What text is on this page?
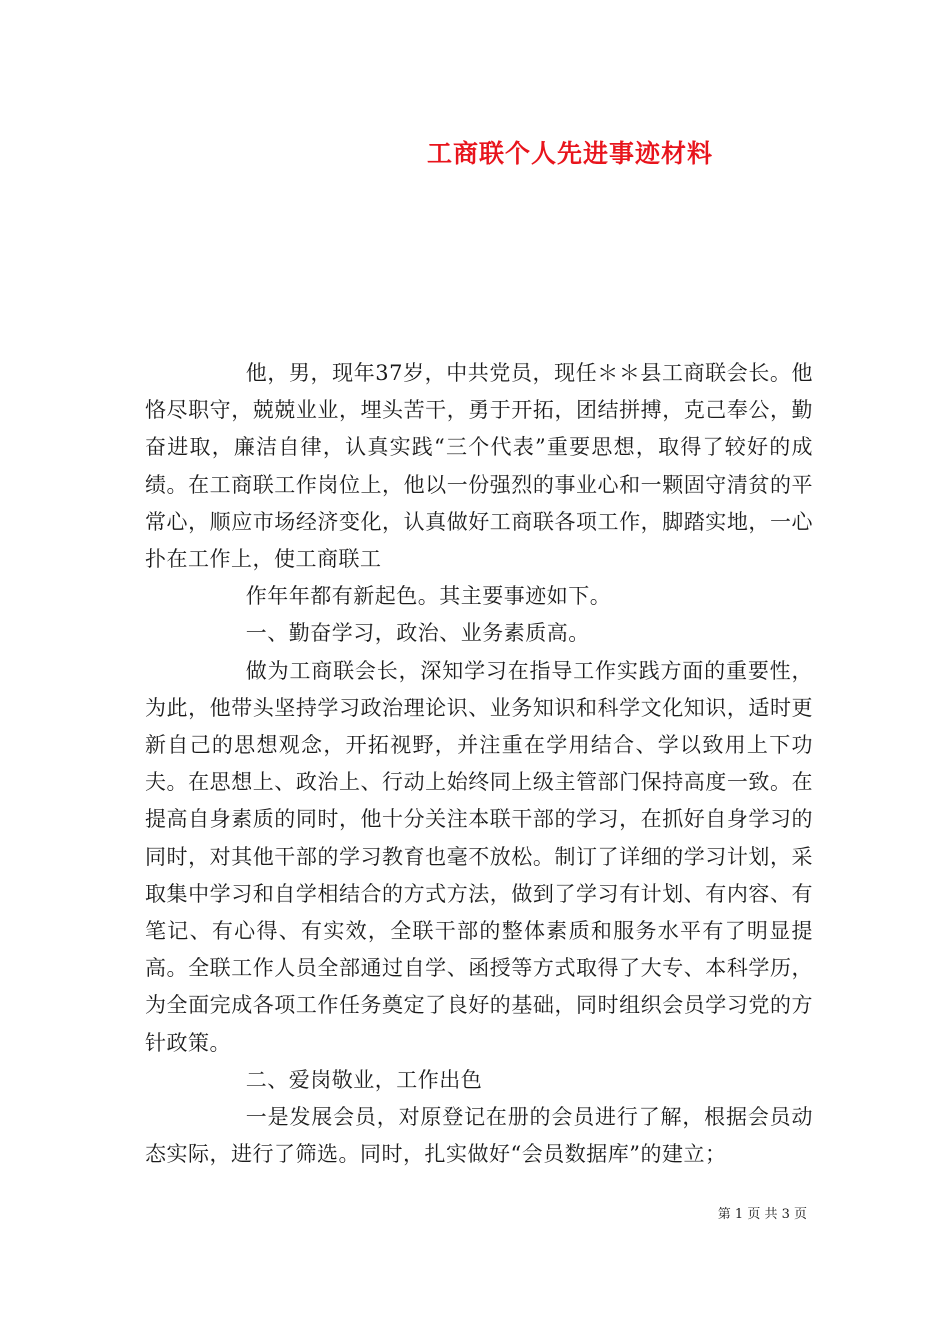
工商联个人先进事迹材料

他，男，现年37岁，中共党员，现任＊＊县工商联会长。他恪尽职守，兢兢业业，埋头苦干，勇于开拓，团结拼搏，克己奉公，勤奋进取，廉洁自律，认真实践“三个代表”重要思想，取得了较好的成绩。在工商联工作岗位上，他以一份强烈的事业心和一颗固守清贫的平常心，顺应市场经济变化，认真做好工商联各项工作，脚踏实地，一心扑在工作上，使工商联工

作年年都有新起色。其主要事迹如下。

一、勤奋学习，政治、业务素质高。

做为工商联会长，深知学习在指导工作实践方面的重要性，为此，他带头坚持学习政治理论识、业务知识和科学文化知识，适时更新自己的思想观念，开拓视野，并注重在学用结合、学以致用上下功夫。在思想上、政治上、行动上始终同上级主管部门保持高度一致。在提高自身素质的同时，他十分关注本联干部的学习，在抓好自身学习的同时，对其他干部的学习教育也毫不放松。制订了详细的学习计划，采取集中学习和自学相结合的方式方法，做到了学习有计划、有内容、有笔记、有心得、有实效，全联干部的整体素质和服务水平有了明显提高。全联工作人员全部通过自学、函授等方式取得了大专、本科学历，为全面完成各项工作任务奠定了良好的基础，同时组织会员学习党的方针政策。

二、爱岗敬业，工作出色

一是发展会员，对原登记在册的会员进行了解，根据会员动态实际，进行了筛选。同时，扎实做好“会员数据库”的建立；

第 1 页 共 3 页
